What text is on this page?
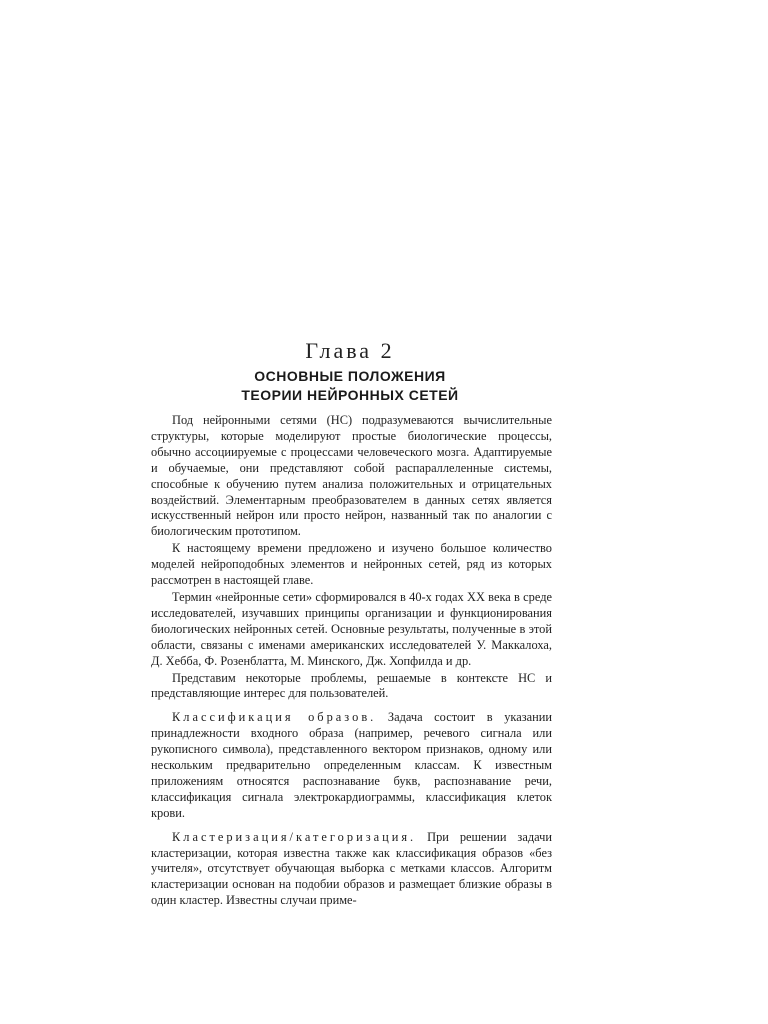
Глава 2
ОСНОВНЫЕ ПОЛОЖЕНИЯ
ТЕОРИИ НЕЙРОННЫХ СЕТЕЙ

Под нейронными сетями (НС) подразумеваются вычислительные структуры, которые моделируют простые биологические процессы, обычно ассоциируемые с процессами человеческого мозга. Адаптируемые и обучаемые, они представляют собой распараллеленные системы, способные к обучению путем анализа положительных и отрицательных воздействий. Элементарным преобразователем в данных сетях является искусственный нейрон или просто нейрон, названный так по аналогии с биологическим прототипом.

К настоящему времени предложено и изучено большое количество моделей нейроподобных элементов и нейронных сетей, ряд из которых рассмотрен в настоящей главе.

Термин «нейронные сети» сформировался в 40-х годах XX века в среде исследователей, изучавших принципы организации и функционирования биологических нейронных сетей. Основные результаты, полученные в этой области, связаны с именами американских исследователей У. Маккалоха, Д. Хебба, Ф. Розенблатта, М. Минского, Дж. Хопфилда и др.

Представим некоторые проблемы, решаемые в контексте НС и представляющие интерес для пользователей.

Классификация образов. Задача состоит в указании принадлежности входного образа (например, речевого сигнала или рукописного символа), представленного вектором признаков, одному или нескольким предварительно определенным классам. К известным приложениям относятся распознавание букв, распознавание речи, классификация сигнала электрокардиограммы, классификация клеток крови.

Кластеризация/категоризация. При решении задачи кластеризации, которая известна также как классификация образов «без учителя», отсутствует обучающая выборка с метками классов. Алгоритм кластеризации основан на подобии образов и размещает близкие образы в один кластер. Известны случаи приме-
